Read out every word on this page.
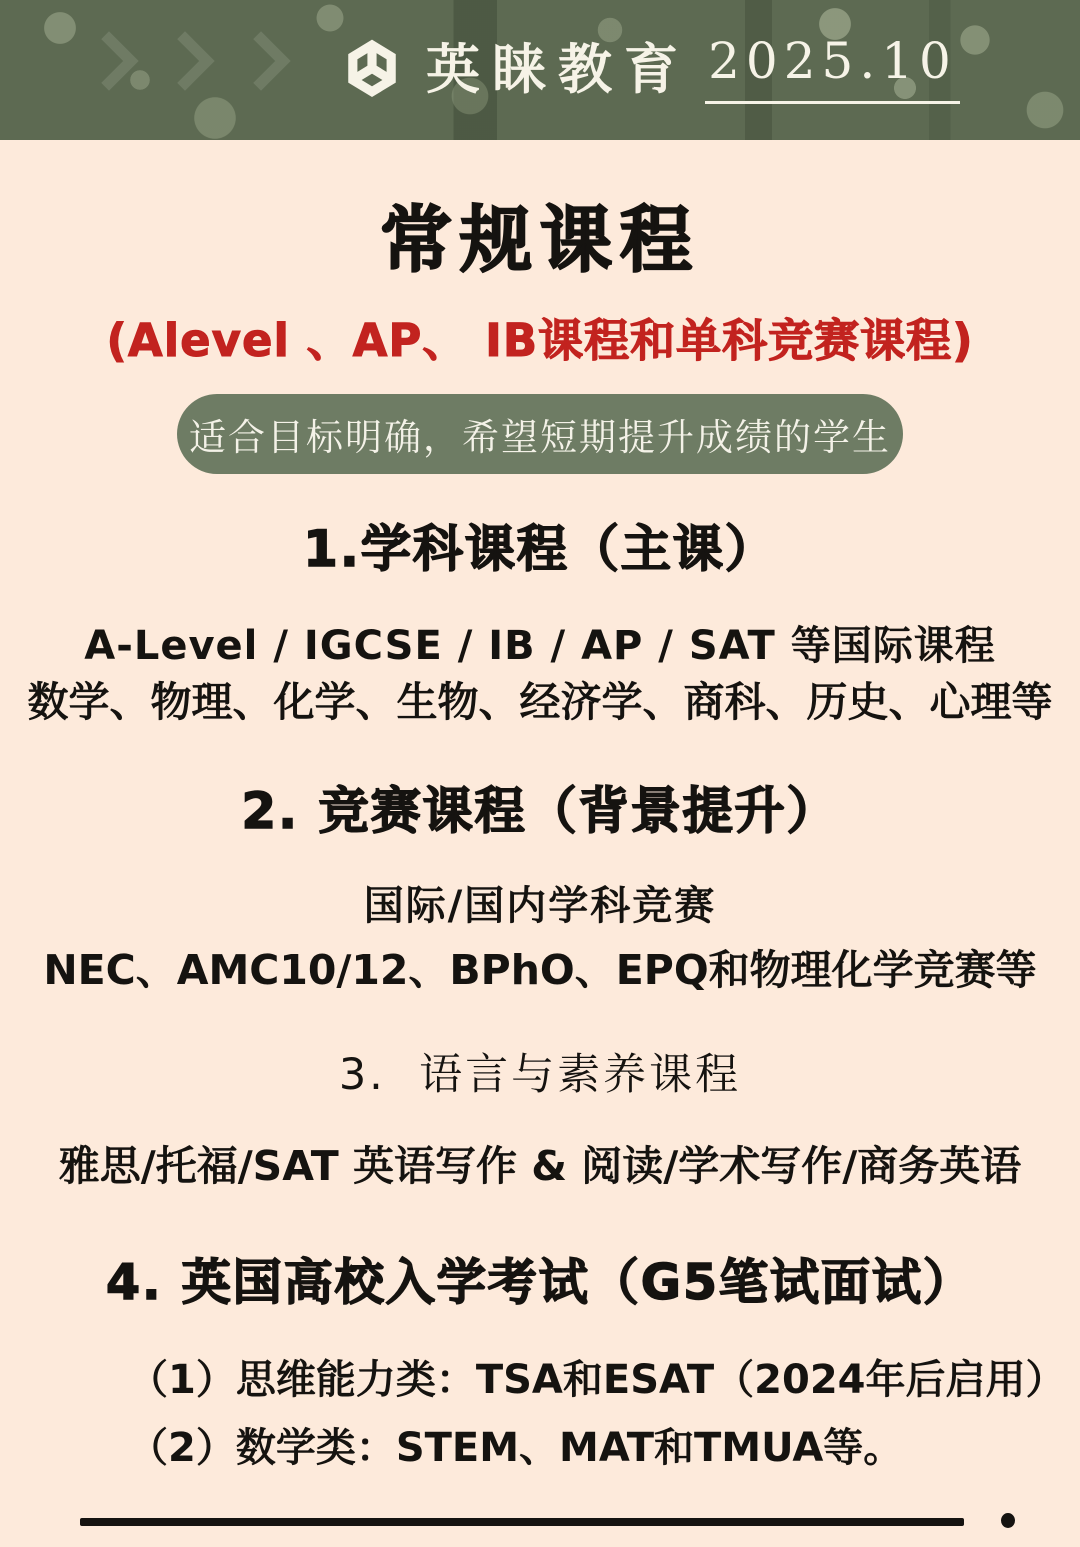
英睐教育 2025.10
常规课程
(Alevel 、AP、 IB课程和单科竞赛课程)
适合目标明确，希望短期提升成绩的学生
1.学科课程（主课）
A-Level / IGCSE / IB / AP / SAT 等国际课程
数学、物理、化学、生物、经济学、商科、历史、心理等
2. 竞赛课程（背景提升）
国际/国内学科竞赛
NEC、AMC10/12、BPhO、EPQ和物理化学竞赛等
3.  语言与素养课程
雅思/托福/SAT 英语写作 & 阅读/学术写作/商务英语
4. 英国高校入学考试（G5笔试面试）
（1）思维能力类：TSA和ESAT（2024年后启用）
（2）数学类：STEM、MAT和TMUA等。
